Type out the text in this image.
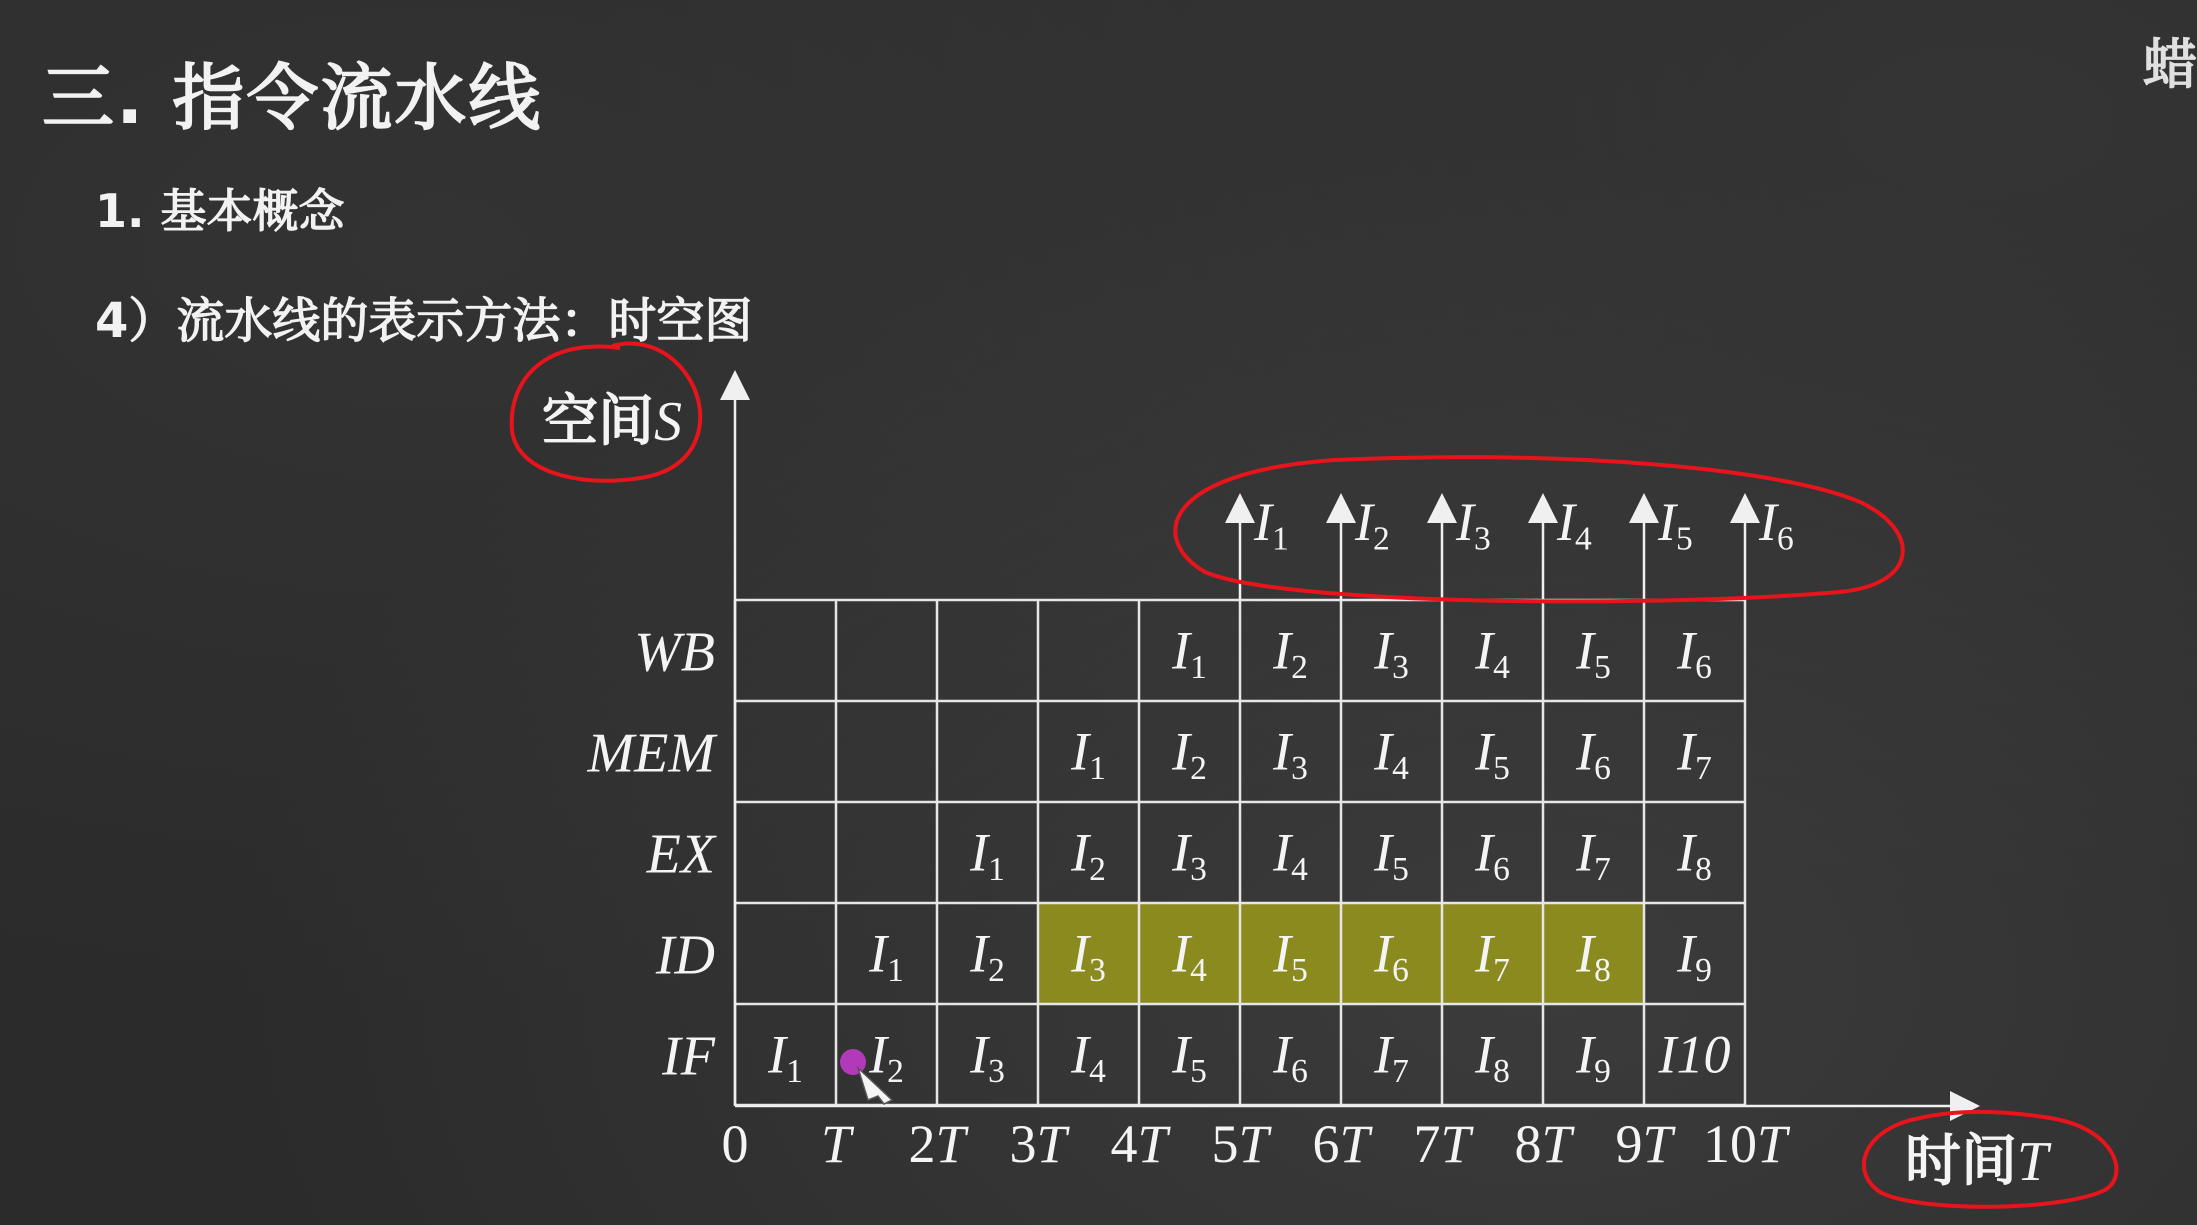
三. 指令流水线
1. 基本概念
4）流水线的表示方法：时空图
蜡
空间S
时间T
WB
MEM
EX
ID
IF
I1 I2 I3 I4 I5 I6
I1 I2 I3 I4 I5 I6 I7
I1 I2 I3 I4 I5 I6 I7 I8
I1 I2 I3 I4 I5 I6 I7 I8 I9
I1 I2 I3 I4 I5 I6 I7 I8 I9 I10
0 T 2T 3T 4T 5T 6T 7T 8T 9T 10T
I1 I2 I3 I4 I5 I6
